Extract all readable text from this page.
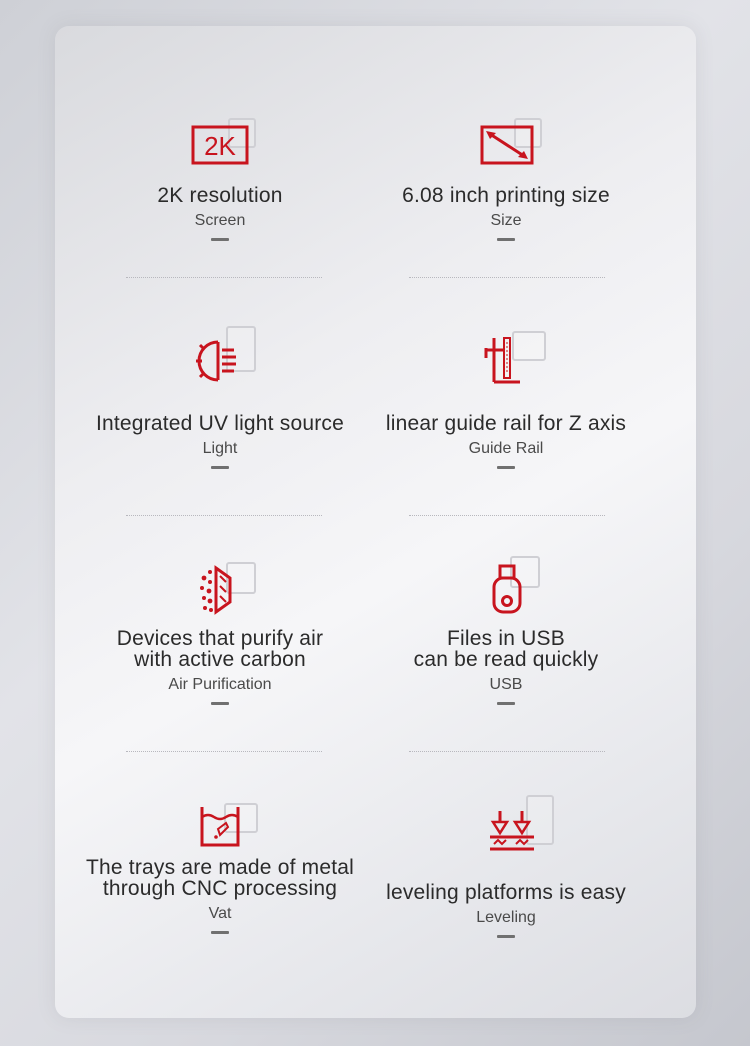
2K
2K resolution
Screen
6.08 inch printing size
Size
Integrated UV light source
Light
linear guide rail for Z axis
Guide Rail
Devices that purify air
with active carbon
Air Purification
Files in USB
can be read quickly
USB
The trays are made of metal
through CNC processing
Vat
leveling platforms is easy
Leveling
